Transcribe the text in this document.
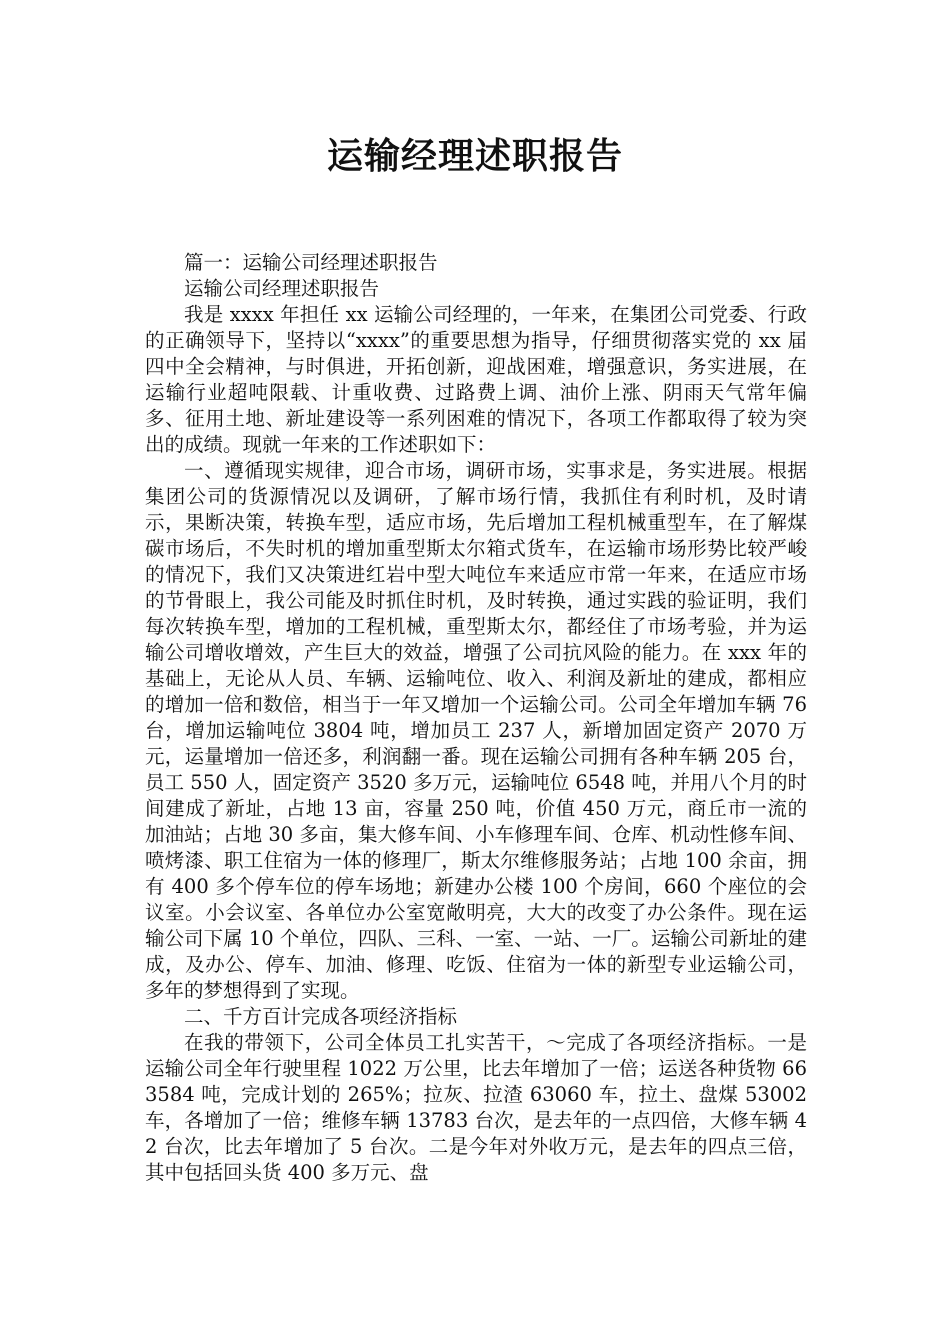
运输经理述职报告

篇一：运输公司经理述职报告

运输公司经理述职报告

我是 xxxx 年担任 xx 运输公司经理的，一年来，在集团公司党委、行政的正确领导下，坚持以“xxxx”的重要思想为指导，仔细贯彻落实党的 xx 届四中全会精神，与时俱进，开拓创新，迎战困难，增强意识，务实进展，在运输行业超吨限载、计重收费、过路费上调、油价上涨、阴雨天气常年偏多、征用土地、新址建设等一系列困难的情况下，各项工作都取得了较为突出的成绩。现就一年来的工作述职如下：

一、遵循现实规律，迎合市场，调研市场，实事求是，务实进展。根据集团公司的货源情况以及调研，了解市场行情，我抓住有利时机，及时请示，果断决策，转换车型，适应市场，先后增加工程机械重型车，在了解煤碳市场后，不失时机的增加重型斯太尔箱式货车，在运输市场形势比较严峻的情况下，我们又决策进红岩中型大吨位车来适应市常一年来，在适应市场的节骨眼上，我公司能及时抓住时机，及时转换，通过实践的验证明，我们每次转换车型，增加的工程机械，重型斯太尔，都经住了市场考验，并为运输公司增收增效，产生巨大的效益，增强了公司抗风险的能力。在 xxx 年的基础上，无论从人员、车辆、运输吨位、收入、利润及新址的建成，都相应的增加一倍和数倍，相当于一年又增加一个运输公司。公司全年增加车辆 76 台，增加运输吨位 3804 吨，增加员工 237 人，新增加固定资产 2070 万元，运量增加一倍还多，利润翻一番。现在运输公司拥有各种车辆 205 台，员工 550 人，固定资产 3520 多万元，运输吨位 6548 吨，并用八个月的时间建成了新址，占地 13 亩，容量 250 吨，价值 450 万元，商丘市一流的加油站；占地 30 多亩，集大修车间、小车修理车间、仓库、机动性修车间、喷烤漆、职工住宿为一体的修理厂，斯太尔维修服务站；占地 100 余亩，拥有 400 多个停车位的停车场地；新建办公楼 100 个房间，660 个座位的会议室。小会议室、各单位办公室宽敞明亮，大大的改变了办公条件。现在运输公司下属 10 个单位，四队、三科、一室、一站、一厂。运输公司新址的建成，及办公、停车、加油、修理、吃饭、住宿为一体的新型专业运输公司，多年的梦想得到了实现。

二、千方百计完成各项经济指标

在我的带领下，公司全体员工扎实苦干，～完成了各项经济指标。一是运输公司全年行驶里程 1022 万公里，比去年增加了一倍；运送各种货物 663584 吨，完成计划的 265%；拉灰、拉渣 63060 车，拉土、盘煤 53002 车，各增加了一倍；维修车辆 13783 台次，是去年的一点四倍，大修车辆 42 台次，比去年增加了 5 台次。二是今年对外收万元，是去年的四点三倍，其中包括回头货 400 多万元、盘
